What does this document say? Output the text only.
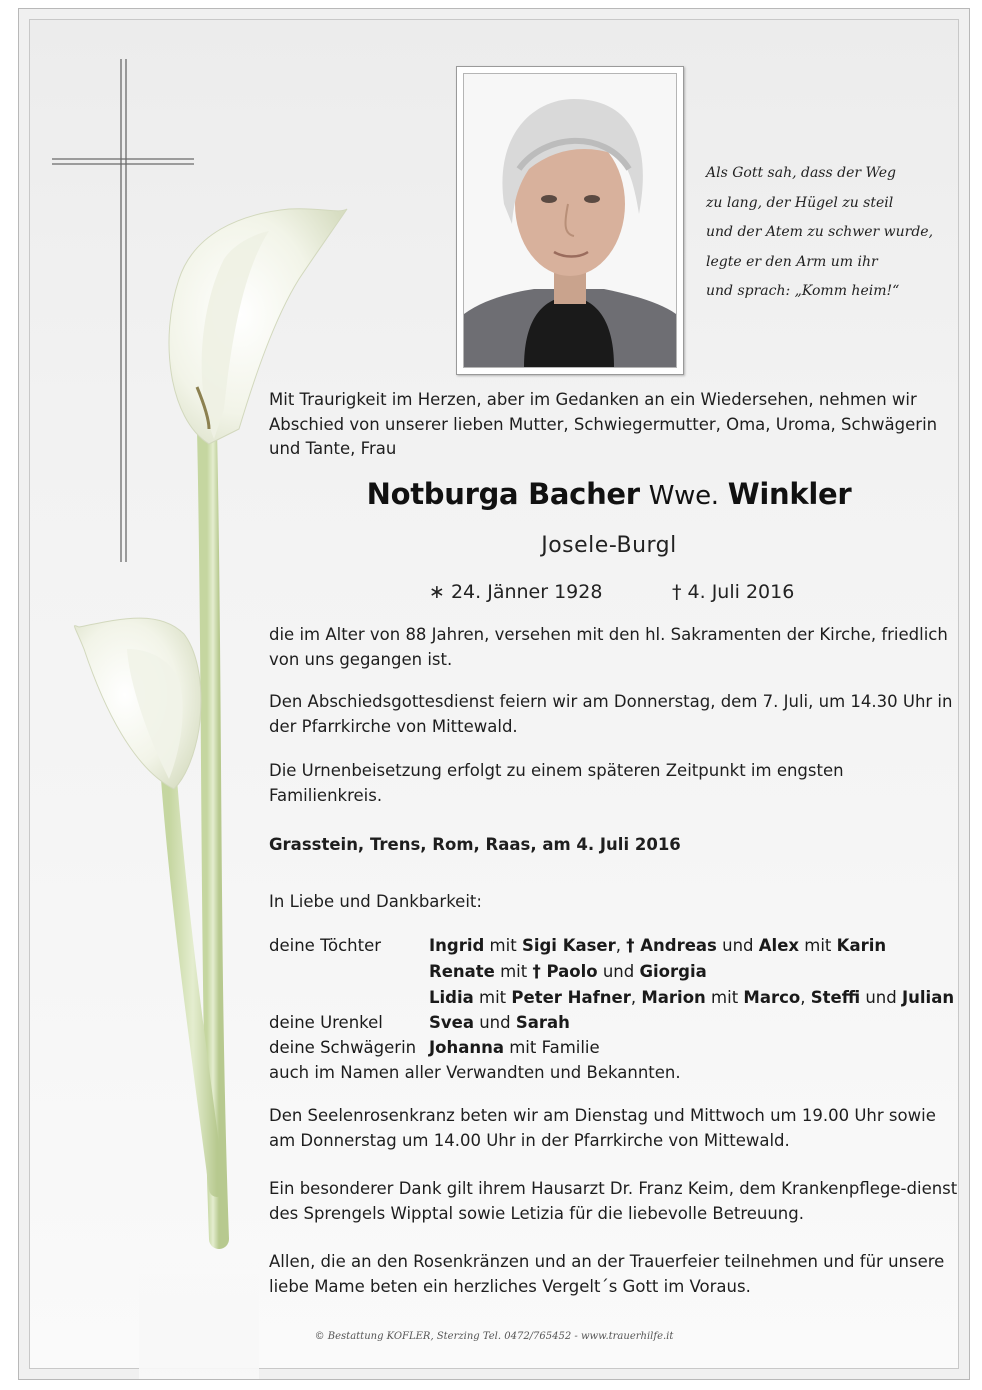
Als Gott sah, dass der Weg
zu lang, der Hügel zu steil
und der Atem zu schwer wurde,
legte er den Arm um ihr
und sprach: „Komm heim!“
Mit Traurigkeit im Herzen, aber im Gedanken an ein Wiedersehen, nehmen wir Abschied von unserer lieben Mutter, Schwiegermutter, Oma, Uroma, Schwägerin und Tante, Frau
Notburga Bacher Wwe. Winkler
Josele-Burgl
∗ 24. Jänner 1928	† 4. Juli 2016
die im Alter von 88 Jahren, versehen mit den hl. Sakramenten der Kirche, friedlich von uns gegangen ist.
Den Abschiedsgottesdienst feiern wir am Donnerstag, dem 7. Juli, um 14.30 Uhr in der Pfarrkirche von Mittewald.
Die Urnenbeisetzung erfolgt zu einem späteren Zeitpunkt im engsten Familienkreis.
Grasstein, Trens, Rom, Raas, am 4. Juli 2016
In Liebe und Dankbarkeit:
deine Töchter	Ingrid mit Sigi Kaser, † Andreas und Alex mit Karin
Renate mit † Paolo und Giorgia
Lidia mit Peter Hafner, Marion mit Marco, Steffi und Julian
deine Urenkel	Svea und Sarah
deine Schwägerin Johanna mit Familie
auch im Namen aller Verwandten und Bekannten.
Den Seelenrosenkranz beten wir am Dienstag und Mittwoch um 19.00 Uhr sowie am Donnerstag um 14.00 Uhr in der Pfarrkirche von Mittewald.
Ein besonderer Dank gilt ihrem Hausarzt Dr. Franz Keim, dem Krankenpflege-dienst des Sprengels Wipptal sowie Letizia für die liebevolle Betreuung.
Allen, die an den Rosenkränzen und an der Trauerfeier teilnehmen und für unsere liebe Mame beten ein herzliches Vergelt´s Gott im Voraus.
© Bestattung KOFLER, Sterzing Tel. 0472/765452 - www.trauerhilfe.it
